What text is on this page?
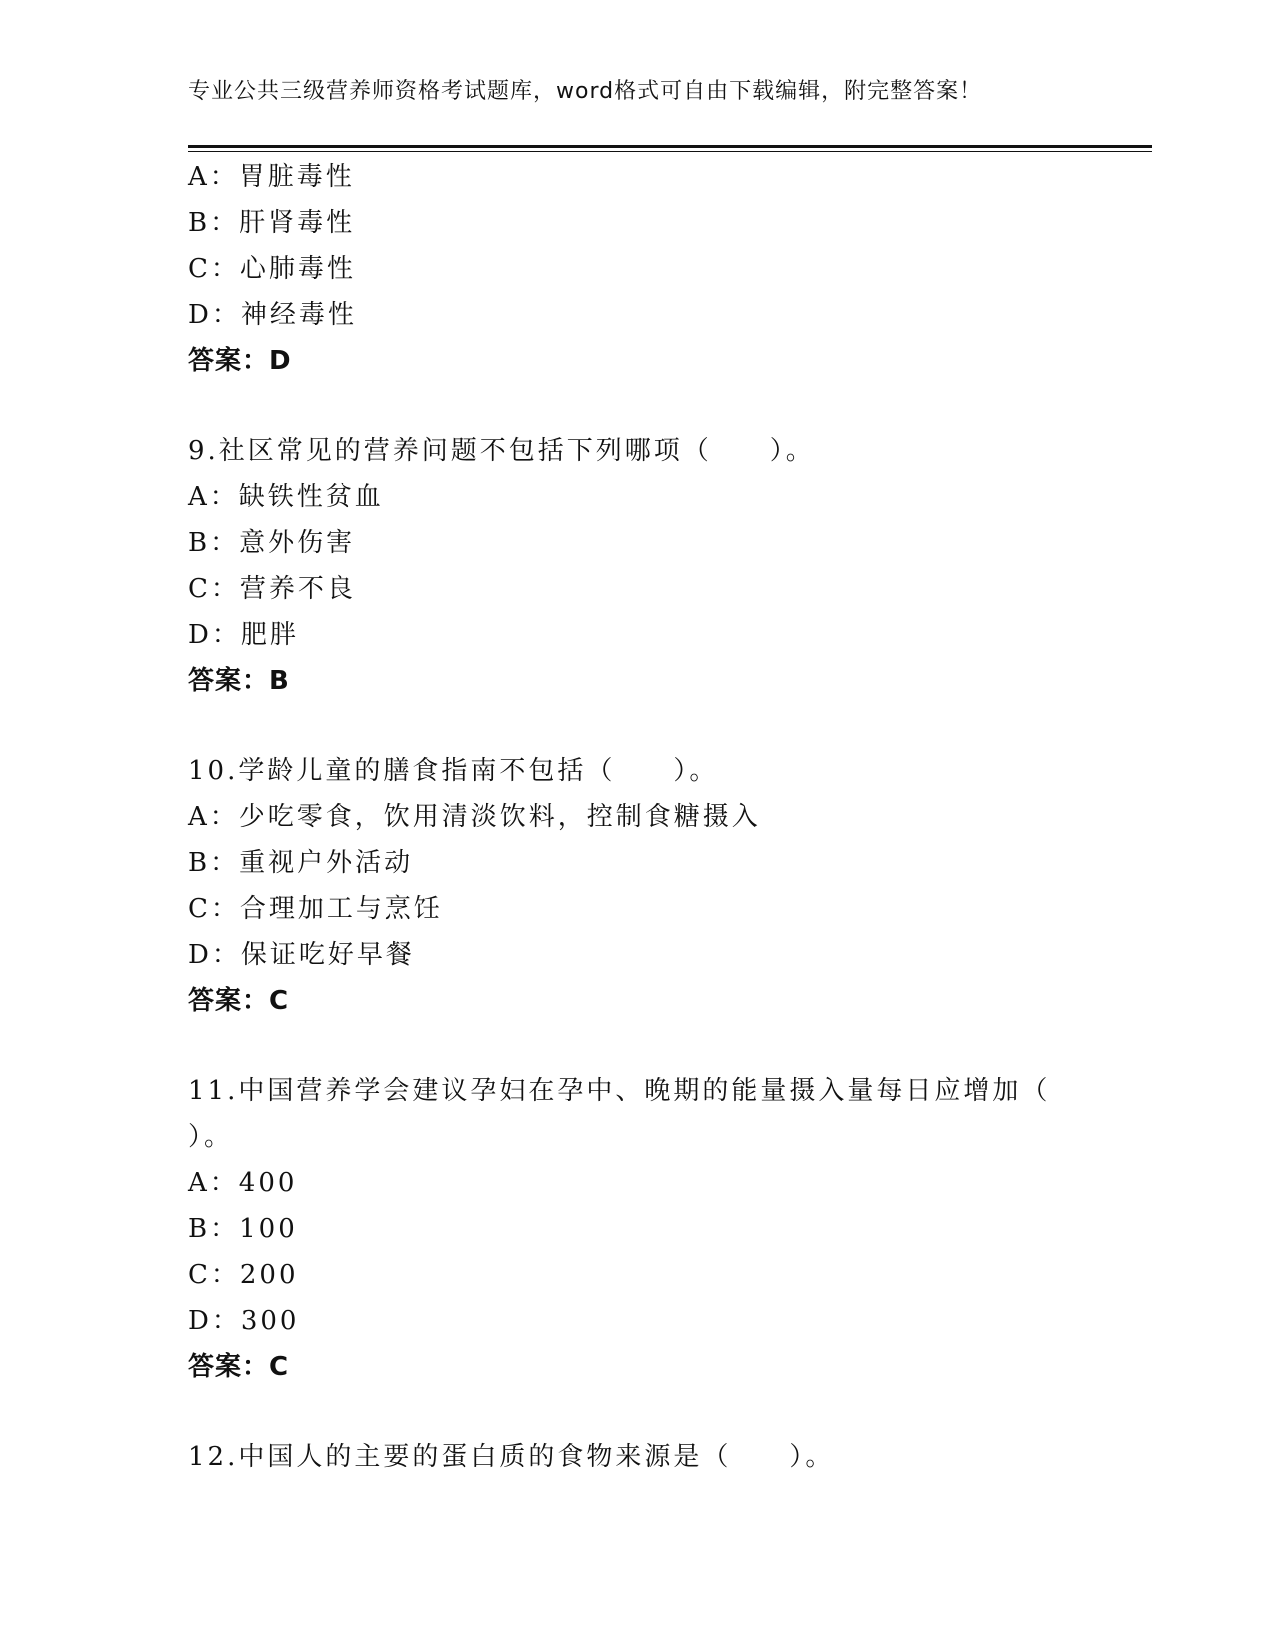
专业公共三级营养师资格考试题库，word格式可自由下载编辑，附完整答案！
A：胃脏毒性
B：肝肾毒性
C：心肺毒性
D：神经毒性
答案：D
9.社区常见的营养问题不包括下列哪项（　　）。
A：缺铁性贫血
B：意外伤害
C：营养不良
D：肥胖
答案：B
10.学龄儿童的膳食指南不包括（　　）。
A：少吃零食，饮用清淡饮料，控制食糖摄入
B：重视户外活动
C：合理加工与烹饪
D：保证吃好早餐
答案：C
11.中国营养学会建议孕妇在孕中、晚期的能量摄入量每日应增加（
）。
A：400
B：100
C：200
D：300
答案：C
12.中国人的主要的蛋白质的食物来源是（　　）。
